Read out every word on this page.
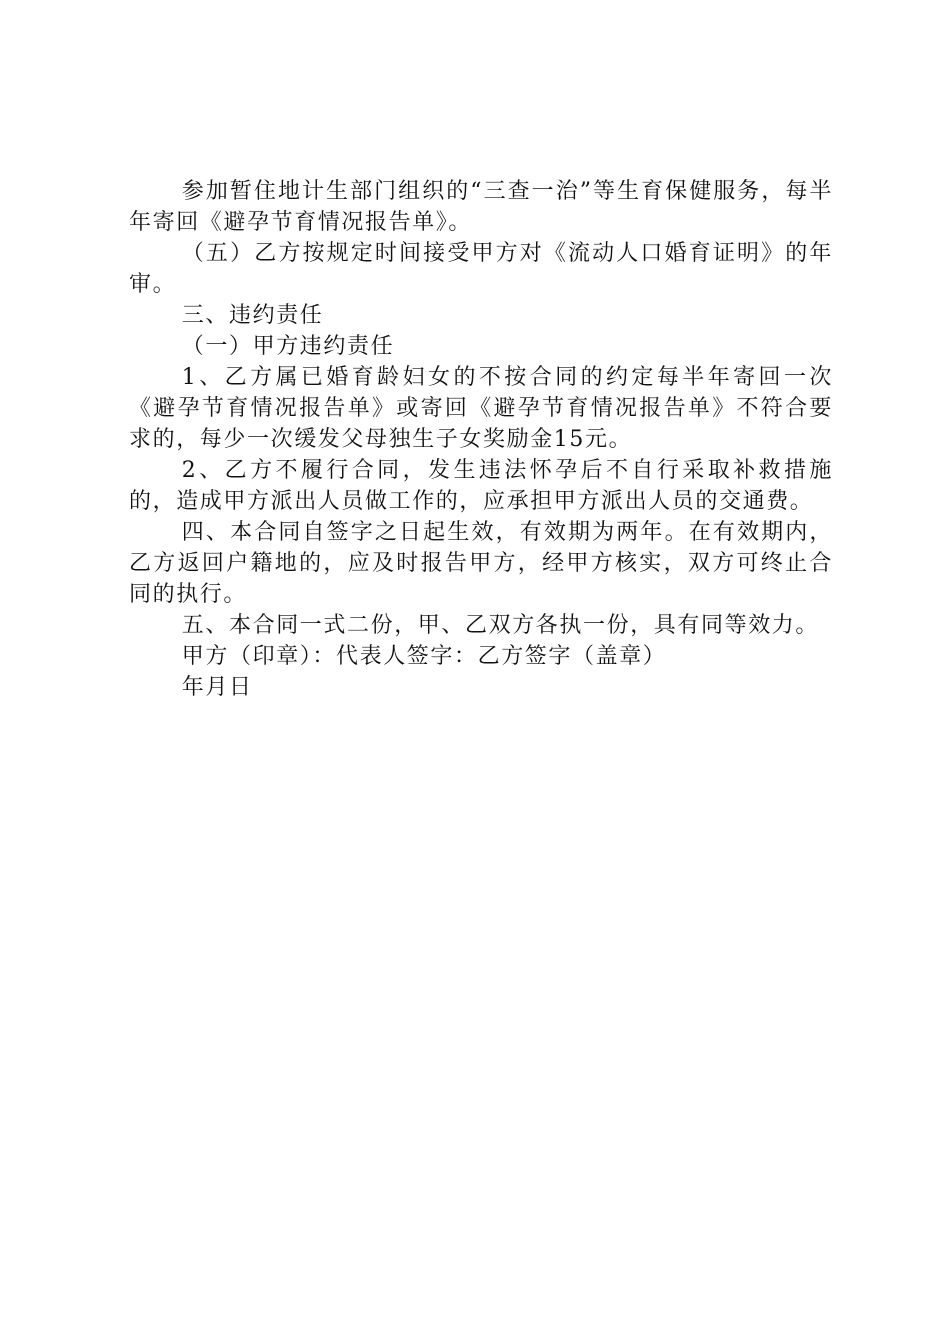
参加暂住地计生部门组织的“三查一治”等生育保健服务，每半年寄回《避孕节育情况报告单》。

（五）乙方按规定时间接受甲方对《流动人口婚育证明》的年审。

三、违约责任

（一）甲方违约责任

1、乙方属已婚育龄妇女的不按合同的约定每半年寄回一次《避孕节育情况报告单》或寄回《避孕节育情况报告单》不符合要求的，每少一次缓发父母独生子女奖励金15元。

2、乙方不履行合同，发生违法怀孕后不自行采取补救措施的，造成甲方派出人员做工作的，应承担甲方派出人员的交通费。

四、本合同自签字之日起生效，有效期为两年。在有效期内，乙方返回户籍地的，应及时报告甲方，经甲方核实，双方可终止合同的执行。

五、本合同一式二份，甲、乙双方各执一份，具有同等效力。

甲方（印章）：代表人签字：乙方签字（盖章）

年月日
